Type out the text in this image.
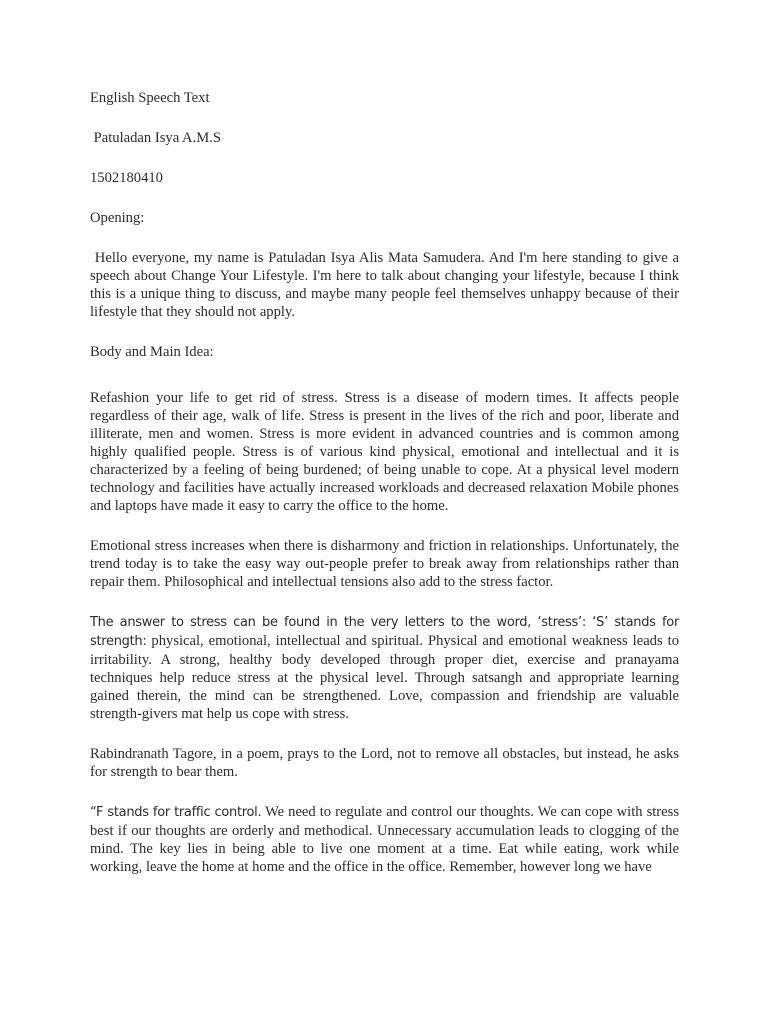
English Speech Text

Patuladan Isya A.M.S

1502180410

Opening:

Hello everyone, my name is Patuladan Isya Alis Mata Samudera. And I'm here standing to give a speech about Change Your Lifestyle. I'm here to talk about changing your lifestyle, because I think this is a unique thing to discuss, and maybe many people feel themselves unhappy because of their lifestyle that they should not apply.

Body and Main Idea:

Refashion your life to get rid of stress. Stress is a disease of modern times. It affects people regardless of their age, walk of life. Stress is present in the lives of the rich and poor, liberate and illiterate, men and women. Stress is more evident in advanced countries and is common among highly qualified people. Stress is of various kind physical, emotional and intellectual and it is characterized by a feeling of being burdened; of being unable to cope. At a physical level modern technology and facilities have actually increased workloads and decreased relaxation Mobile phones and laptops have made it easy to carry the office to the home.

Emotional stress increases when there is disharmony and friction in relationships. Unfortunately, the trend today is to take the easy way out-people prefer to break away from relationships rather than repair them. Philosophical and intellectual tensions also add to the stress factor.

The answer to stress can be found in the very letters to the word, ‘stress’: ‘S’ stands for strength: physical, emotional, intellectual and spiritual. Physical and emotional weakness leads to irritability. A strong, healthy body developed through proper diet, exercise and pranayama techniques help reduce stress at the physical level. Through satsangh and appropriate learning gained therein, the mind can be strengthened. Love, compassion and friendship are valuable strength-givers mat help us cope with stress.

Rabindranath Tagore, in a poem, prays to the Lord, not to remove all obstacles, but instead, he asks for strength to bear them.

“F stands for traffic control. We need to regulate and control our thoughts. We can cope with stress best if our thoughts are orderly and methodical. Unnecessary accumulation leads to clogging of the mind. The key lies in being able to live one moment at a time. Eat while eating, work while working, leave the home at home and the office in the office. Remember, however long we have
